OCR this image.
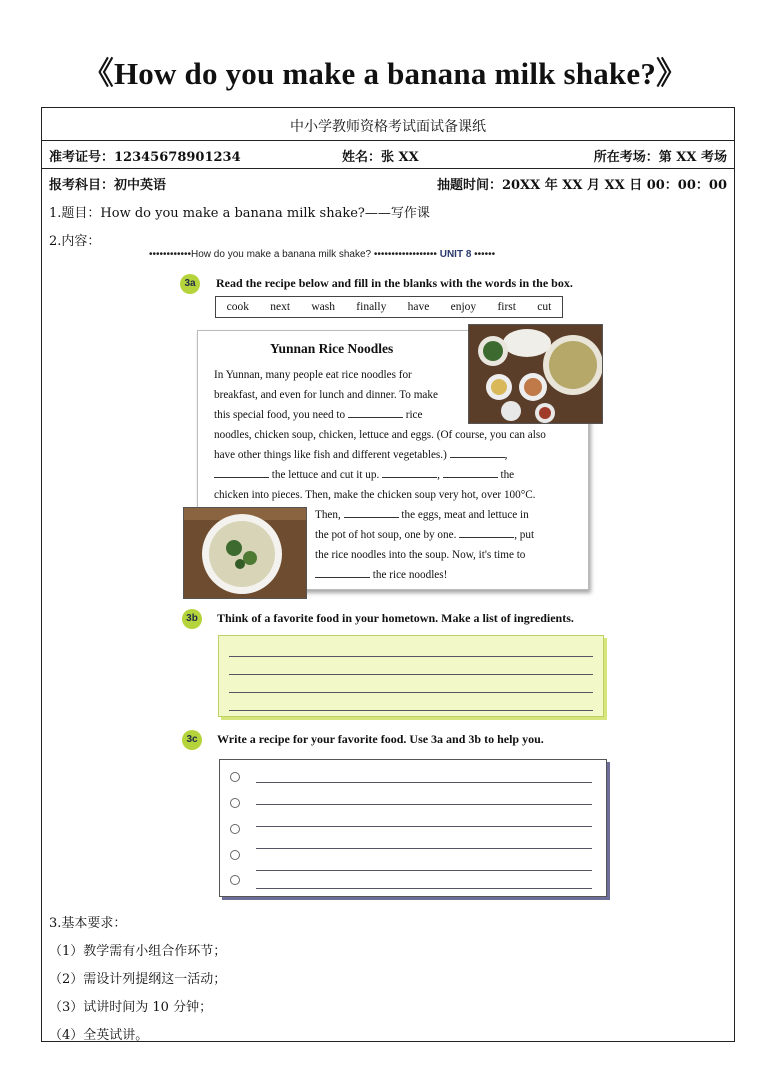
《How do you make a banana milk shake?》
中小学教师资格考试面试备课纸
准考证号：12345678901234	姓名：张 XX	所在考场：第 XX 考场
报考科目：初中英语	抽题时间：20XX 年 XX 月 XX 日 00：00：00
1.题目：How do you make a banana milk shake?——写作课
2.内容：
3.基本要求：
（1）教学需有小组合作环节；
（2）需设计列提纲这一活动；
（3）试讲时间为 10 分钟；
（4）全英试讲。
••••••••••••How do you make a banana milk shake? •••••••••••••••••• UNIT 8 ••••••
3a	Read the recipe below and fill in the blanks with the words in the box.
cook next wash finally have enjoy first cut
Yunnan Rice Noodles
In Yunnan, many people eat rice noodles for
breakfast, and even for lunch and dinner. To make
this special food, you need to	rice
noodles, chicken soup, chicken, lettuce and eggs. (Of course, you can also
have other things like fish and different vegetables.)	,
the lettuce and cut it up.	,	the
chicken into pieces. Then, make the chicken soup very hot, over 100°C.
Then,	the eggs, meat and lettuce in
the pot of hot soup, one by one.	, put
the rice noodles into the soup. Now, it's time to
the rice noodles!
3b	Think of a favorite food in your hometown. Make a list of ingredients.
3c	Write a recipe for your favorite food. Use 3a and 3b to help you.
